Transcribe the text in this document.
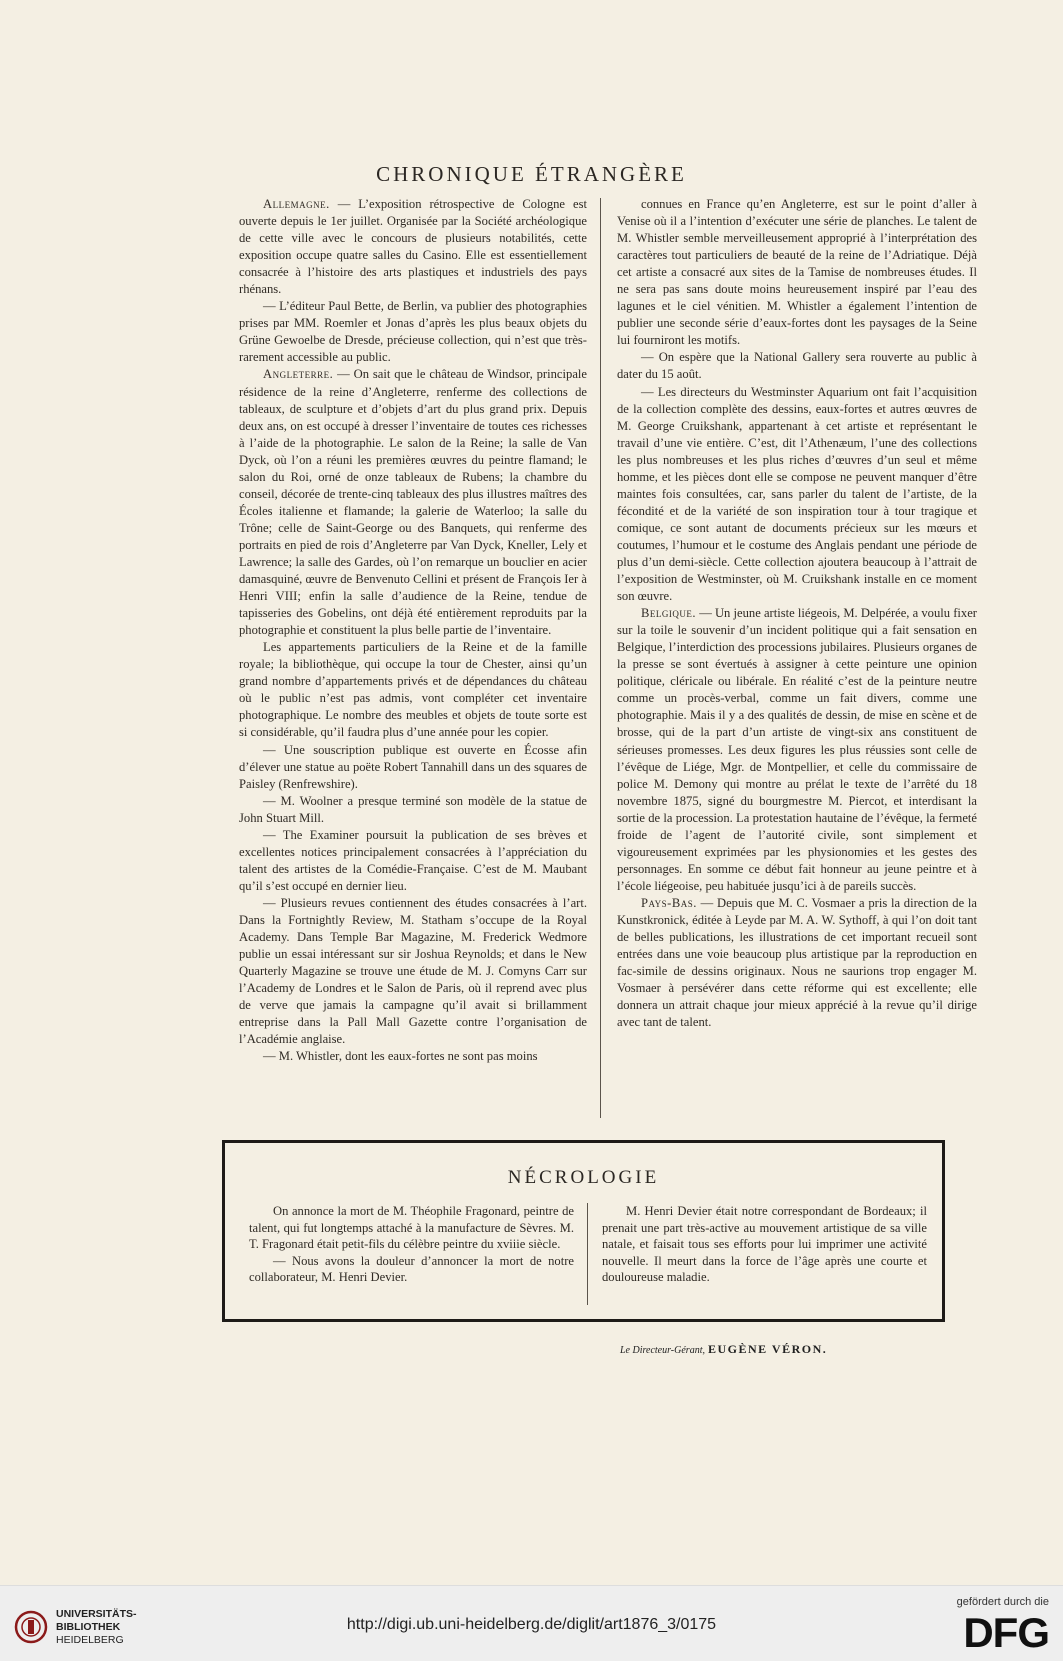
CHRONIQUE ÉTRANGÈRE

Allemagne. — L’exposition rétrospective de Cologne est ouverte depuis le 1er juillet. Organisée par la Société archéologique de cette ville avec le concours de plusieurs notabilités, cette exposition occupe quatre salles du Casino. Elle est essentiellement consacrée à l’histoire des arts plastiques et industriels des pays rhénans.

— L’éditeur Paul Bette, de Berlin, va publier des photographies prises par MM. Roemler et Jonas d’après les plus beaux objets du Grüne Gewoelbe de Dresde, précieuse collection, qui n’est que très-rarement accessible au public.

Angleterre. — On sait que le château de Windsor, principale résidence de la reine d’Angleterre, renferme des collections de tableaux, de sculpture et d’objets d’art du plus grand prix. Depuis deux ans, on est occupé à dresser l’inventaire de toutes ces richesses à l’aide de la photographie. Le salon de la Reine; la salle de Van Dyck, où l’on a réuni les premières œuvres du peintre flamand; le salon du Roi, orné de onze tableaux de Rubens; la chambre du conseil, décorée de trente-cinq tableaux des plus illustres maîtres des Écoles italienne et flamande; la galerie de Waterloo; la salle du Trône; celle de Saint-George ou des Banquets, qui renferme des portraits en pied de rois d’Angleterre par Van Dyck, Kneller, Lely et Lawrence; la salle des Gardes, où l’on remarque un bouclier en acier damasquiné, œuvre de Benvenuto Cellini et présent de François Ier à Henri VIII; enfin la salle d’audience de la Reine, tendue de tapisseries des Gobelins, ont déjà été entièrement reproduits par la photographie et constituent la plus belle partie de l’inventaire.

Les appartements particuliers de la Reine et de la famille royale; la bibliothèque, qui occupe la tour de Chester, ainsi qu’un grand nombre d’appartements privés et de dépendances du château où le public n’est pas admis, vont compléter cet inventaire photographique. Le nombre des meubles et objets de toute sorte est si considérable, qu’il faudra plus d’une année pour les copier.

— Une souscription publique est ouverte en Écosse afin d’élever une statue au poëte Robert Tannahill dans un des squares de Paisley (Renfrewshire).

— M. Woolner a presque terminé son modèle de la statue de John Stuart Mill.

— The Examiner poursuit la publication de ses brèves et excellentes notices principalement consacrées à l’appréciation du talent des artistes de la Comédie-Française. C’est de M. Maubant qu’il s’est occupé en dernier lieu.

— Plusieurs revues contiennent des études consacrées à l’art. Dans la Fortnightly Review, M. Statham s’occupe de la Royal Academy. Dans Temple Bar Magazine, M. Frederick Wedmore publie un essai intéressant sur sir Joshua Reynolds; et dans le New Quarterly Magazine se trouve une étude de M. J. Comyns Carr sur l’Academy de Londres et le Salon de Paris, où il reprend avec plus de verve que jamais la campagne qu’il avait si brillamment entreprise dans la Pall Mall Gazette contre l’organisation de l’Académie anglaise.

— M. Whistler, dont les eaux-fortes ne sont pas moins

connues en France qu’en Angleterre, est sur le point d’aller à Venise où il a l’intention d’exécuter une série de planches. Le talent de M. Whistler semble merveilleusement approprié à l’interprétation des caractères tout particuliers de beauté de la reine de l’Adriatique. Déjà cet artiste a consacré aux sites de la Tamise de nombreuses études. Il ne sera pas sans doute moins heureusement inspiré par l’eau des lagunes et le ciel vénitien. M. Whistler a également l’intention de publier une seconde série d’eaux-fortes dont les paysages de la Seine lui fourniront les motifs.

— On espère que la National Gallery sera rouverte au public à dater du 15 août.

— Les directeurs du Westminster Aquarium ont fait l’acquisition de la collection complète des dessins, eaux-fortes et autres œuvres de M. George Cruikshank, appartenant à cet artiste et représentant le travail d’une vie entière. C’est, dit l’Athenæum, l’une des collections les plus nombreuses et les plus riches d’œuvres d’un seul et même homme, et les pièces dont elle se compose ne peuvent manquer d’être maintes fois consultées, car, sans parler du talent de l’artiste, de la fécondité et de la variété de son inspiration tour à tour tragique et comique, ce sont autant de documents précieux sur les mœurs et coutumes, l’humour et le costume des Anglais pendant une période de plus d’un demi-siècle. Cette collection ajoutera beaucoup à l’attrait de l’exposition de Westminster, où M. Cruikshank installe en ce moment son œuvre.

Belgique. — Un jeune artiste liégeois, M. Delpérée, a voulu fixer sur la toile le souvenir d’un incident politique qui a fait sensation en Belgique, l’interdiction des processions jubilaires. Plusieurs organes de la presse se sont évertués à assigner à cette peinture une opinion politique, cléricale ou libérale. En réalité c’est de la peinture neutre comme un procès-verbal, comme un fait divers, comme une photographie. Mais il y a des qualités de dessin, de mise en scène et de brosse, qui de la part d’un artiste de vingt-six ans constituent de sérieuses promesses. Les deux figures les plus réussies sont celle de l’évêque de Liége, Mgr. de Montpellier, et celle du commissaire de police M. Demony qui montre au prélat le texte de l’arrêté du 18 novembre 1875, signé du bourgmestre M. Piercot, et interdisant la sortie de la procession. La protestation hautaine de l’évêque, la fermeté froide de l’agent de l’autorité civile, sont simplement et vigoureusement exprimées par les physionomies et les gestes des personnages. En somme ce début fait honneur au jeune peintre et à l’école liégeoise, peu habituée jusqu’ici à de pareils succès.

Pays-Bas. — Depuis que M. C. Vosmaer a pris la direction de la Kunstkronick, éditée à Leyde par M. A. W. Sythoff, à qui l’on doit tant de belles publications, les illustrations de cet important recueil sont entrées dans une voie beaucoup plus artistique par la reproduction en fac-simile de dessins originaux. Nous ne saurions trop engager M. Vosmaer à persévérer dans cette réforme qui est excellente; elle donnera un attrait chaque jour mieux apprécié à la revue qu’il dirige avec tant de talent.

NÉCROLOGIE

On annonce la mort de M. Théophile Fragonard, peintre de talent, qui fut longtemps attaché à la manufacture de Sèvres. M. T. Fragonard était petit-fils du célèbre peintre du xviiie siècle.

— Nous avons la douleur d’annoncer la mort de notre collaborateur, M. Henri Devier.

M. Henri Devier était notre correspondant de Bordeaux; il prenait une part très-active au mouvement artistique de sa ville natale, et faisait tous ses efforts pour lui imprimer une activité nouvelle. Il meurt dans la force de l’âge après une courte et douloureuse maladie.

Le Directeur-Gérant, EUGÈNE VÉRON.
UNIVERSITÄTS-
BIBLIOTHEK
HEIDELBERG
http://digi.ub.uni-heidelberg.de/diglit/art1876_3/0175
gefördert durch die
DFG
